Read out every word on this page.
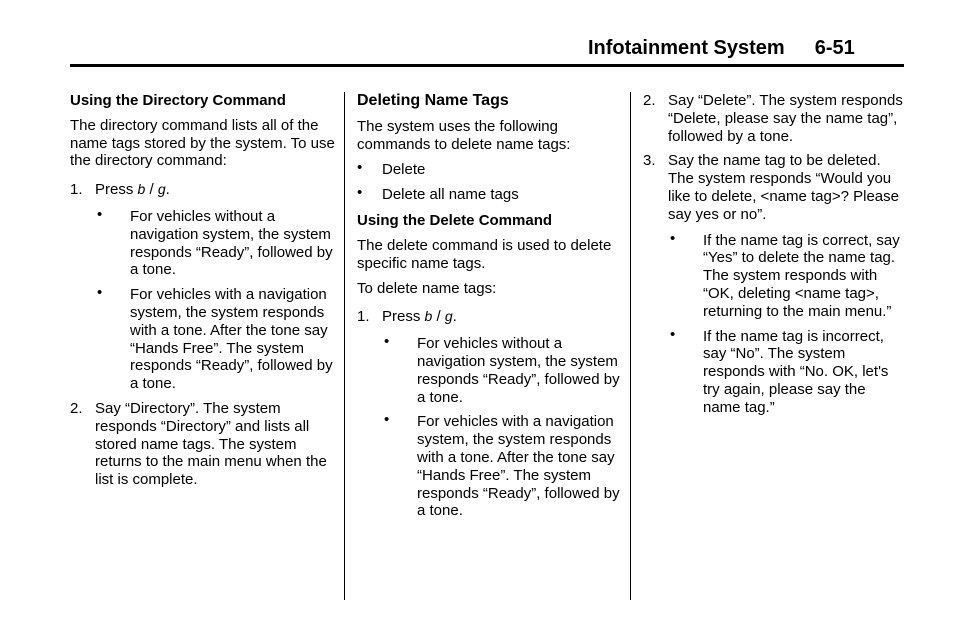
Infotainment System 6-51

Using the Directory Command

The directory command lists all of the name tags stored by the system. To use the directory command:

1. Press b / g.

• For vehicles without a navigation system, the system responds “Ready”, followed by a tone.

• For vehicles with a navigation system, the system responds with a tone. After the tone say “Hands Free”. The system responds “Ready”, followed by a tone.

2. Say “Directory”. The system responds “Directory” and lists all stored name tags. The system returns to the main menu when the list is complete.

Deleting Name Tags

The system uses the following commands to delete name tags:

• Delete

• Delete all name tags

Using the Delete Command

The delete command is used to delete specific name tags.

To delete name tags:

1. Press b / g.

• For vehicles without a navigation system, the system responds “Ready”, followed by a tone.

• For vehicles with a navigation system, the system responds with a tone. After the tone say “Hands Free”. The system responds “Ready”, followed by a tone.

2. Say “Delete”. The system responds “Delete, please say the name tag”, followed by a tone.

3. Say the name tag to be deleted. The system responds “Would you like to delete, <name tag>? Please say yes or no”.

• If the name tag is correct, say “Yes” to delete the name tag. The system responds with “OK, deleting <name tag>, returning to the main menu.”

• If the name tag is incorrect, say “No”. The system responds with “No. OK, let's try again, please say the name tag.”
